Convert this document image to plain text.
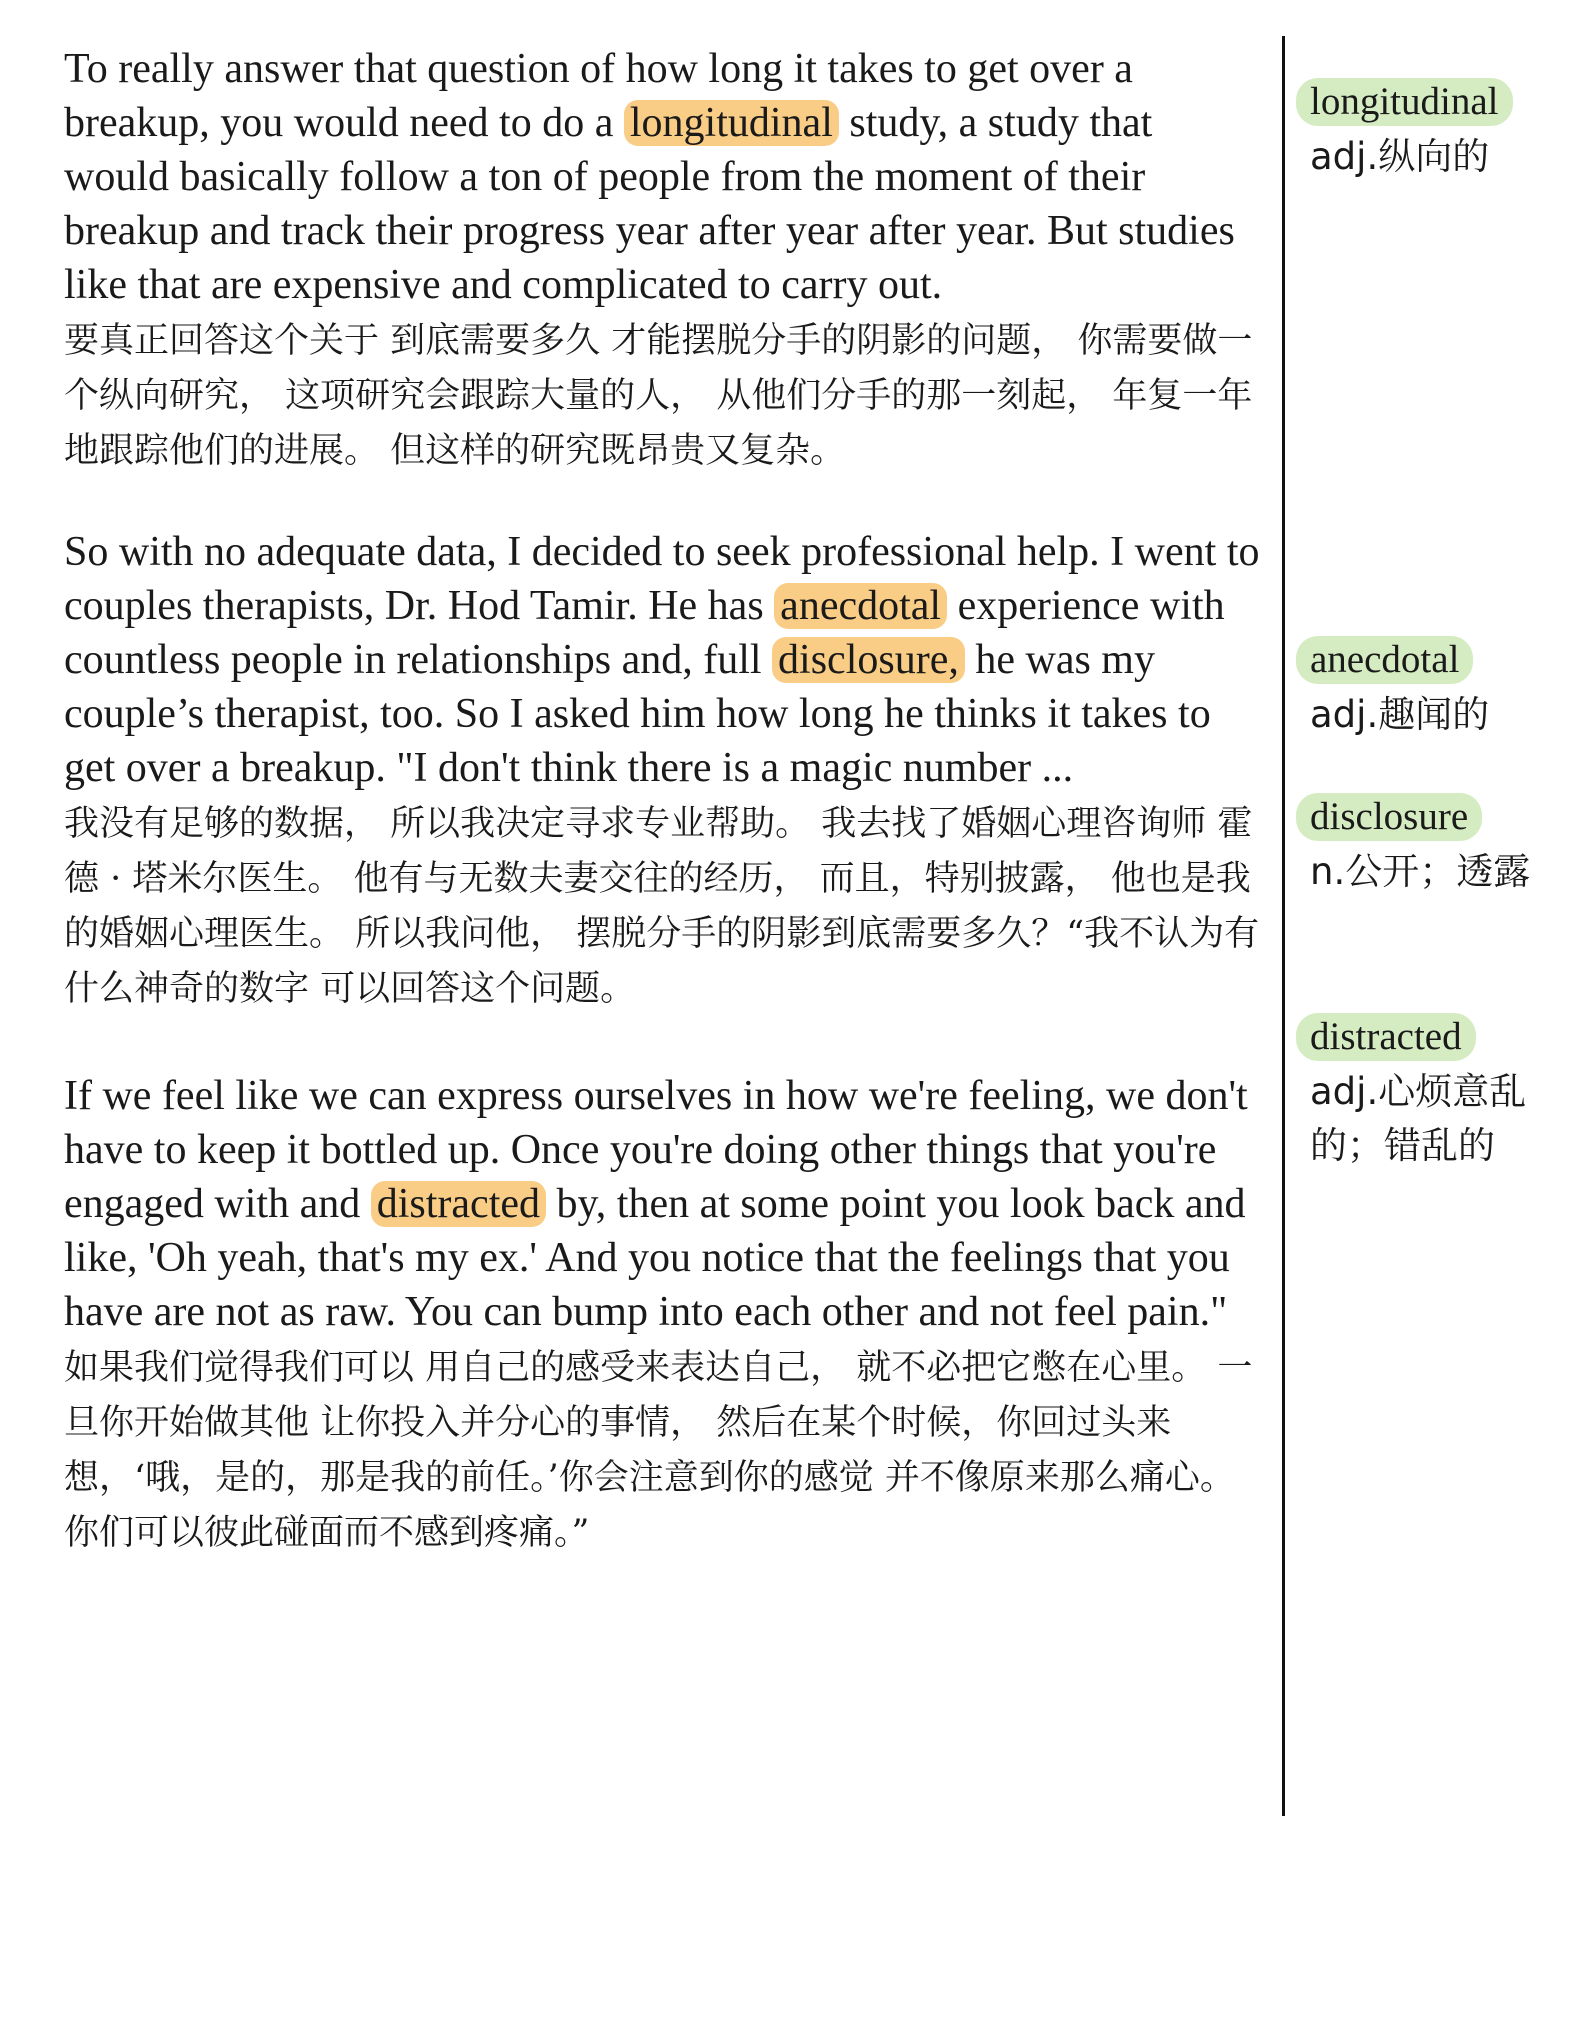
To really answer that question of how long it takes to get over a breakup, you would need to do a longitudinal study, a study that would basically follow a ton of people from the moment of their breakup and track their progress year after year after year. But studies like that are expensive and complicated to carry out.

要真正回答这个关于 到底需要多久 才能摆脱分手的阴影的问题， 你需要做一个纵向研究， 这项研究会跟踪大量的人， 从他们分手的那一刻起， 年复一年地跟踪他们的进展。 但这样的研究既昂贵又复杂。

So with no adequate data, I decided to seek professional help. I went to couples therapists, Dr. Hod Tamir. He has anecdotal experience with countless people in relationships and, full disclosure, he was my couple’s therapist, too. So I asked him how long he thinks it takes to get over a breakup. "I don't think there is a magic number ...

我没有足够的数据， 所以我决定寻求专业帮助。 我去找了婚姻心理咨询师 霍德 · 塔米尔医生。 他有与无数夫妻交往的经历， 而且，特别披露， 他也是我的婚姻心理医生。 所以我问他， 摆脱分手的阴影到底需要多久？“我不认为有什么神奇的数字 可以回答这个问题。

If we feel like we can express ourselves in how we're feeling, we don't have to keep it bottled up. Once you're doing other things that you're engaged with and distracted by, then at some point you look back and like, 'Oh yeah, that's my ex.' And you notice that the feelings that you have are not as raw. You can bump into each other and not feel pain."

如果我们觉得我们可以 用自己的感受来表达自己， 就不必把它憋在心里。 一旦你开始做其他 让你投入并分心的事情， 然后在某个时候，你回过头来想，‘哦，是的，那是我的前任。’你会注意到你的感觉 并不像原来那么痛心。 你们可以彼此碰面而不感到疼痛。”

longitudinal
adj.纵向的
anecdotal
adj.趣闻的
disclosure
n.公开；透露
distracted
adj.心烦意乱的；错乱的
